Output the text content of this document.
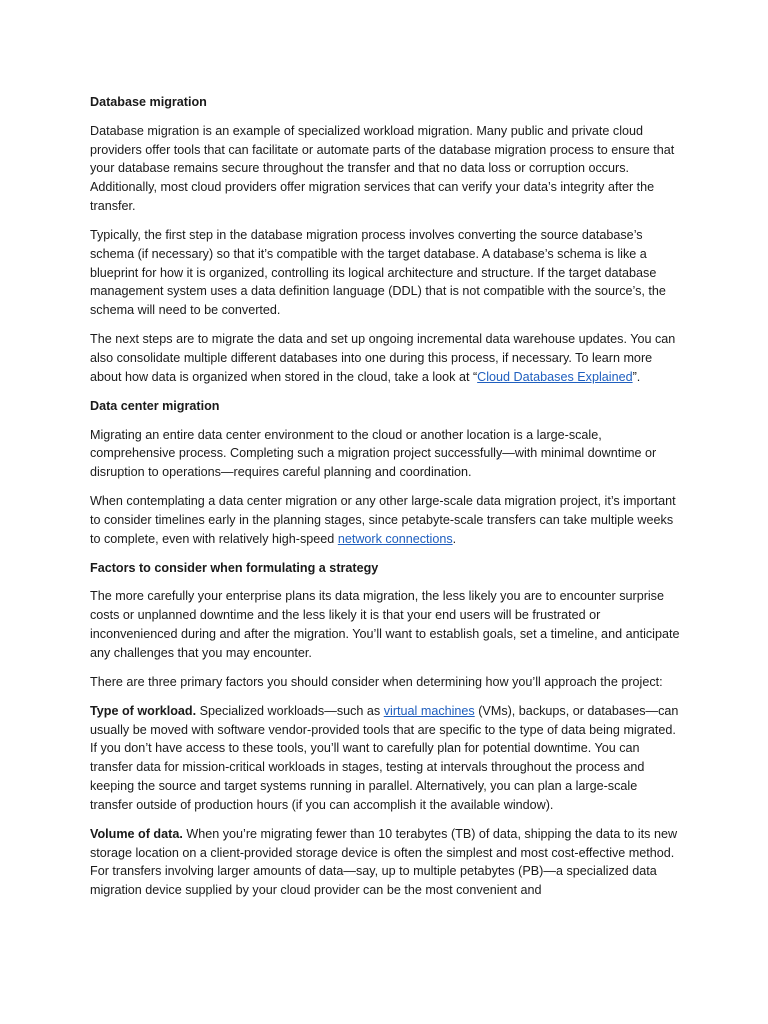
Database migration

Database migration is an example of specialized workload migration. Many public and private cloud providers offer tools that can facilitate or automate parts of the database migration process to ensure that your database remains secure throughout the transfer and that no data loss or corruption occurs. Additionally, most cloud providers offer migration services that can verify your data’s integrity after the transfer.

Typically, the first step in the database migration process involves converting the source database’s schema (if necessary) so that it’s compatible with the target database. A database’s schema is like a blueprint for how it is organized, controlling its logical architecture and structure. If the target database management system uses a data definition language (DDL) that is not compatible with the source’s, the schema will need to be converted.

The next steps are to migrate the data and set up ongoing incremental data warehouse updates. You can also consolidate multiple different databases into one during this process, if necessary. To learn more about how data is organized when stored in the cloud, take a look at “Cloud Databases Explained”.

Data center migration

Migrating an entire data center environment to the cloud or another location is a large-scale, comprehensive process. Completing such a migration project successfully—with minimal downtime or disruption to operations—requires careful planning and coordination.

When contemplating a data center migration or any other large-scale data migration project, it’s important to consider timelines early in the planning stages, since petabyte-scale transfers can take multiple weeks to complete, even with relatively high-speed network connections.

Factors to consider when formulating a strategy

The more carefully your enterprise plans its data migration, the less likely you are to encounter surprise costs or unplanned downtime and the less likely it is that your end users will be frustrated or inconvenienced during and after the migration. You’ll want to establish goals, set a timeline, and anticipate any challenges that you may encounter.

There are three primary factors you should consider when determining how you’ll approach the project:

Type of workload. Specialized workloads—such as virtual machines (VMs), backups, or databases—can usually be moved with software vendor-provided tools that are specific to the type of data being migrated. If you don’t have access to these tools, you’ll want to carefully plan for potential downtime. You can transfer data for mission-critical workloads in stages, testing at intervals throughout the process and keeping the source and target systems running in parallel. Alternatively, you can plan a large-scale transfer outside of production hours (if you can accomplish it the available window).

Volume of data. When you’re migrating fewer than 10 terabytes (TB) of data, shipping the data to its new storage location on a client-provided storage device is often the simplest and most cost-effective method. For transfers involving larger amounts of data—say, up to multiple petabytes (PB)—a specialized data migration device supplied by your cloud provider can be the most convenient and
